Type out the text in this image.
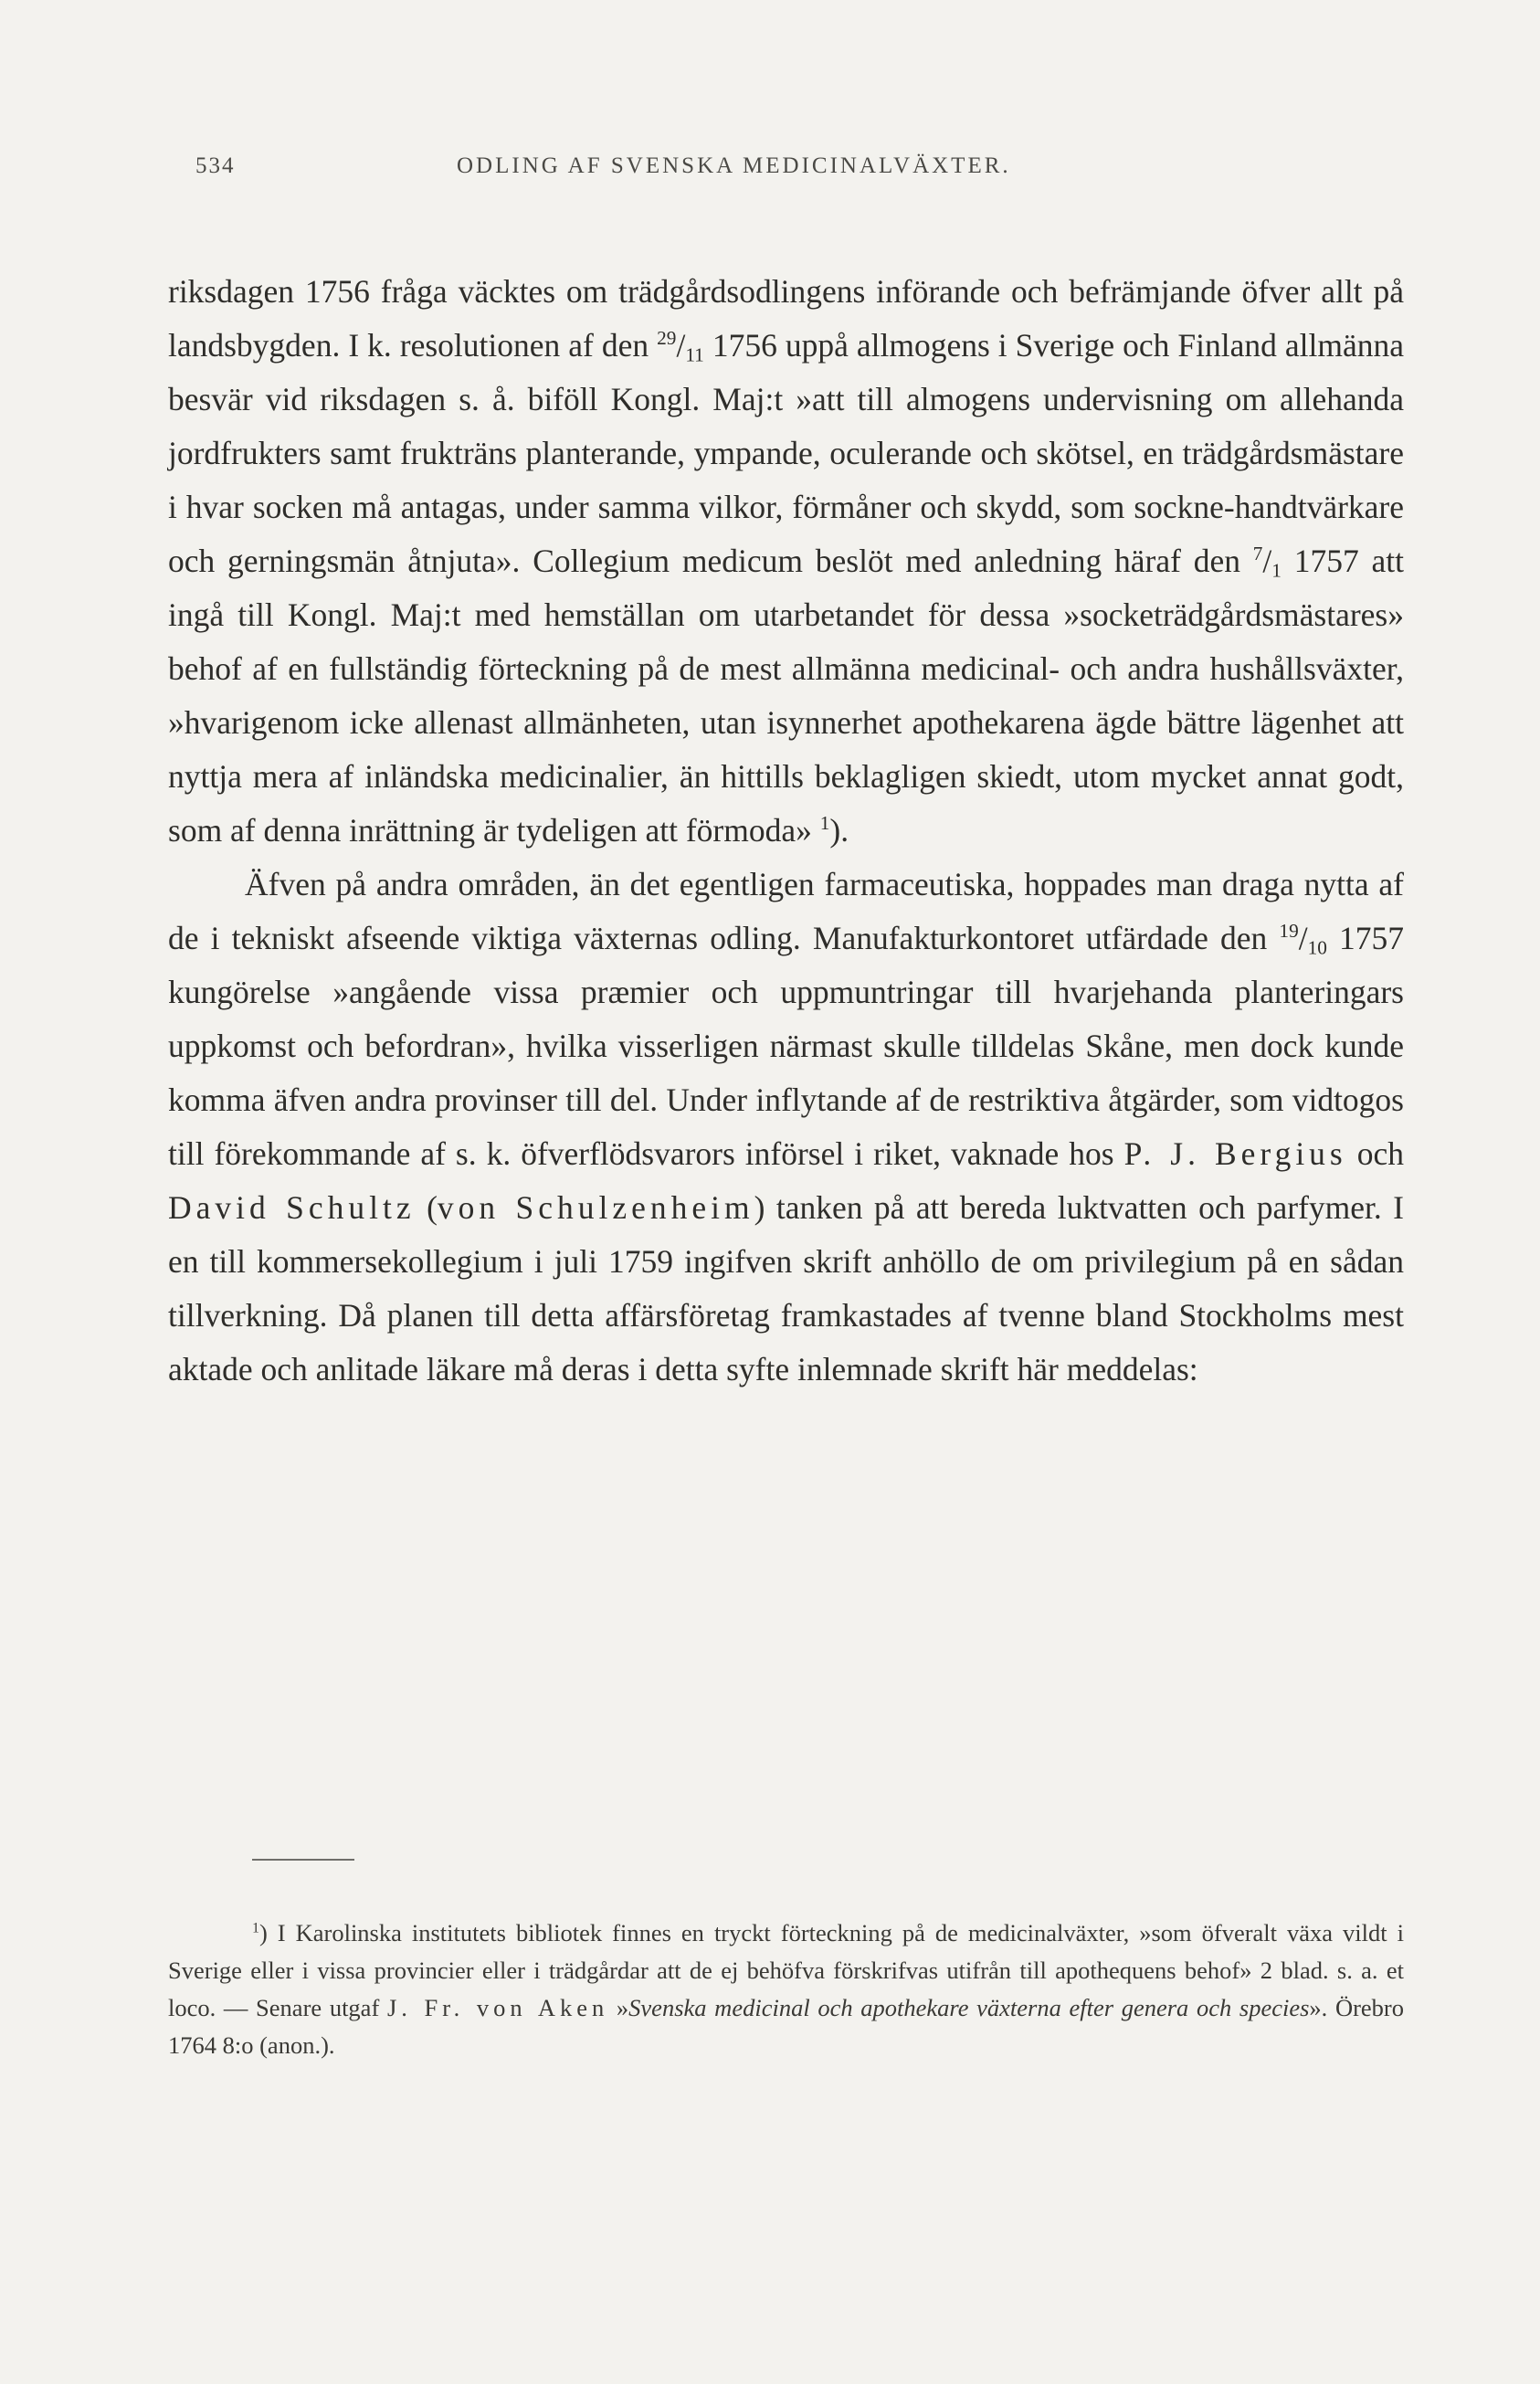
534	ODLING AF SVENSKA MEDICINALVÄXTER.

riksdagen 1756 fråga väcktes om trädgårdsodlingens införande och befrämjande öfver allt på landsbygden. I k. resolutionen af den $^{29}/_{11}$ 1756 uppå allmogens i Sverige och Finland allmänna besvär vid riksdagen s. å. biföll Kongl. Maj:t »att till almogens undervisning om allehanda jordfrukters samt frukträns planterande, ympande, oculerande och skötsel, en trädgårdsmästare i hvar socken må antagas, under samma vilkor, förmåner och skydd, som sockne-handtvärkare och gerningsmän åtnjuta». Collegium medicum beslöt med anledning häraf den $^7/_1$ 1757 att ingå till Kongl. Maj:t med hemställan om utarbetandet för dessa »socketrädgårdsmästares» behof af en fullständig förteckning på de mest allmänna medicinal- och andra hushållsväxter, »hvarigenom icke allenast allmänheten, utan isynnerhet apothekarena ägde bättre lägenhet att nyttja mera af inländska medicinalier, än hittills beklagligen skiedt, utom mycket annat godt, som af denna inrättning är tydeligen att förmoda» $^1$).

Äfven på andra områden, än det egentligen farmaceutiska, hoppades man draga nytta af de i tekniskt afseende viktiga växternas odling. Manufakturkontoret utfärdade den $^{19}/_{10}$ 1757 kungörelse »angående vissa præmier och uppmuntringar till hvarjehanda planteringars uppkomst och befordran», hvilka visserligen närmast skulle tilldelas Skåne, men dock kunde komma äfven andra provinser till del. Under inflytande af de restriktiva åtgärder, som vidtogos till förekommande af s. k. öfverflödsvarors införsel i riket, vaknade hos P. J. Bergius och David Schultz (von Schulzenheim) tanken på att bereda luktvatten och parfymer. I en till kommersekollegium i juli 1759 ingifven skrift anhöllo de om privilegium på en sådan tillverkning. Då planen till detta affärsföretag framkastades af tvenne bland Stockholms mest aktade och anlitade läkare må deras i detta syfte inlemnade skrift här meddelas:

$^1$) I Karolinska institutets bibliotek finnes en tryckt förteckning på de medicinalväxter, »som öfveralt växa vildt i Sverige eller i vissa provincier eller i trädgårdar att de ej behöfva förskrifvas utifrån till apothequens behof» 2 blad. s. a. et loco. — Senare utgaf J. Fr. von Aken »Svenska medicinal och apothekare växterna efter genera och species». Örebro 1764 8:o (anon.).
